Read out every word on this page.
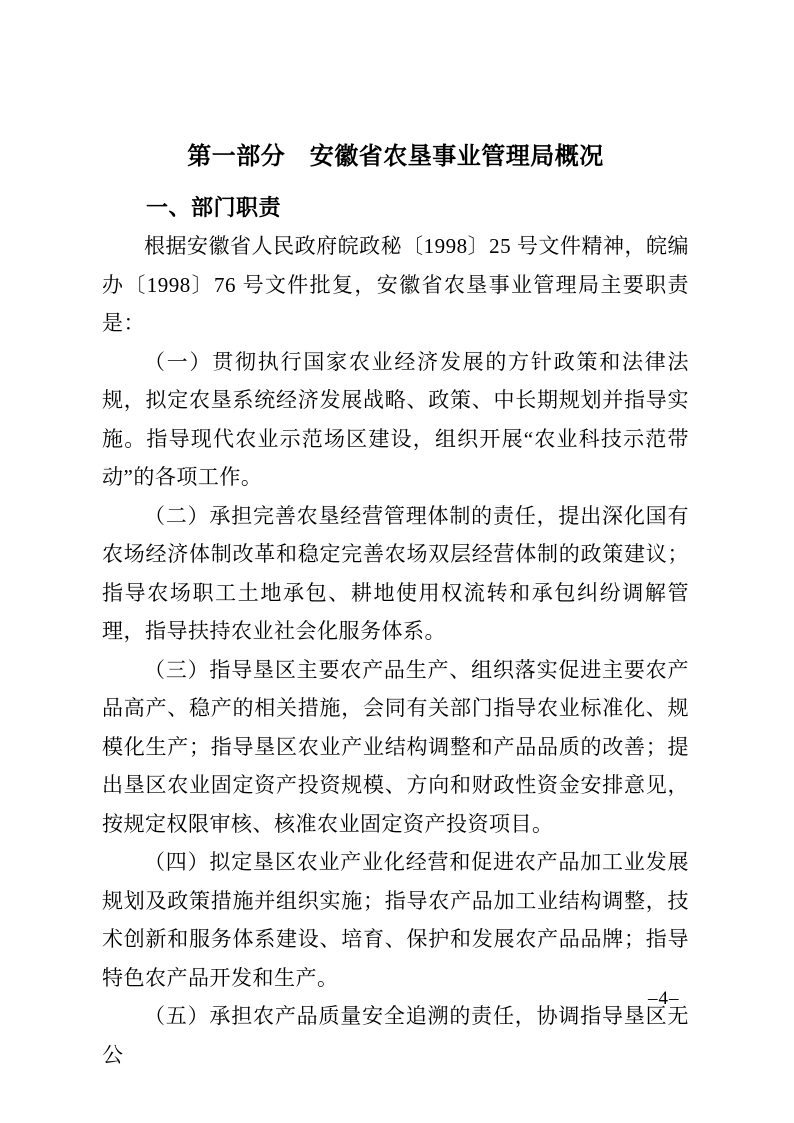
第一部分　安徽省农垦事业管理局概况
一、部门职责

根据安徽省人民政府皖政秘〔1998〕25 号文件精神，皖编办〔1998〕76 号文件批复，安徽省农垦事业管理局主要职责是：

（一）贯彻执行国家农业经济发展的方针政策和法律法规，拟定农垦系统经济发展战略、政策、中长期规划并指导实施。指导现代农业示范场区建设，组织开展“农业科技示范带动”的各项工作。

（二）承担完善农垦经营管理体制的责任，提出深化国有农场经济体制改革和稳定完善农场双层经营体制的政策建议；指导农场职工土地承包、耕地使用权流转和承包纠纷调解管理，指导扶持农业社会化服务体系。

（三）指导垦区主要农产品生产、组织落实促进主要农产品高产、稳产的相关措施，会同有关部门指导农业标准化、规模化生产；指导垦区农业产业结构调整和产品品质的改善；提出垦区农业固定资产投资规模、方向和财政性资金安排意见，按规定权限审核、核准农业固定资产投资项目。

（四）拟定垦区农业产业化经营和促进农产品加工业发展规划及政策措施并组织实施；指导农产品加工业结构调整，技术创新和服务体系建设、培育、保护和发展农产品品牌；指导特色农产品开发和生产。

（五）承担农产品质量安全追溯的责任，协调指导垦区无公

–4–
